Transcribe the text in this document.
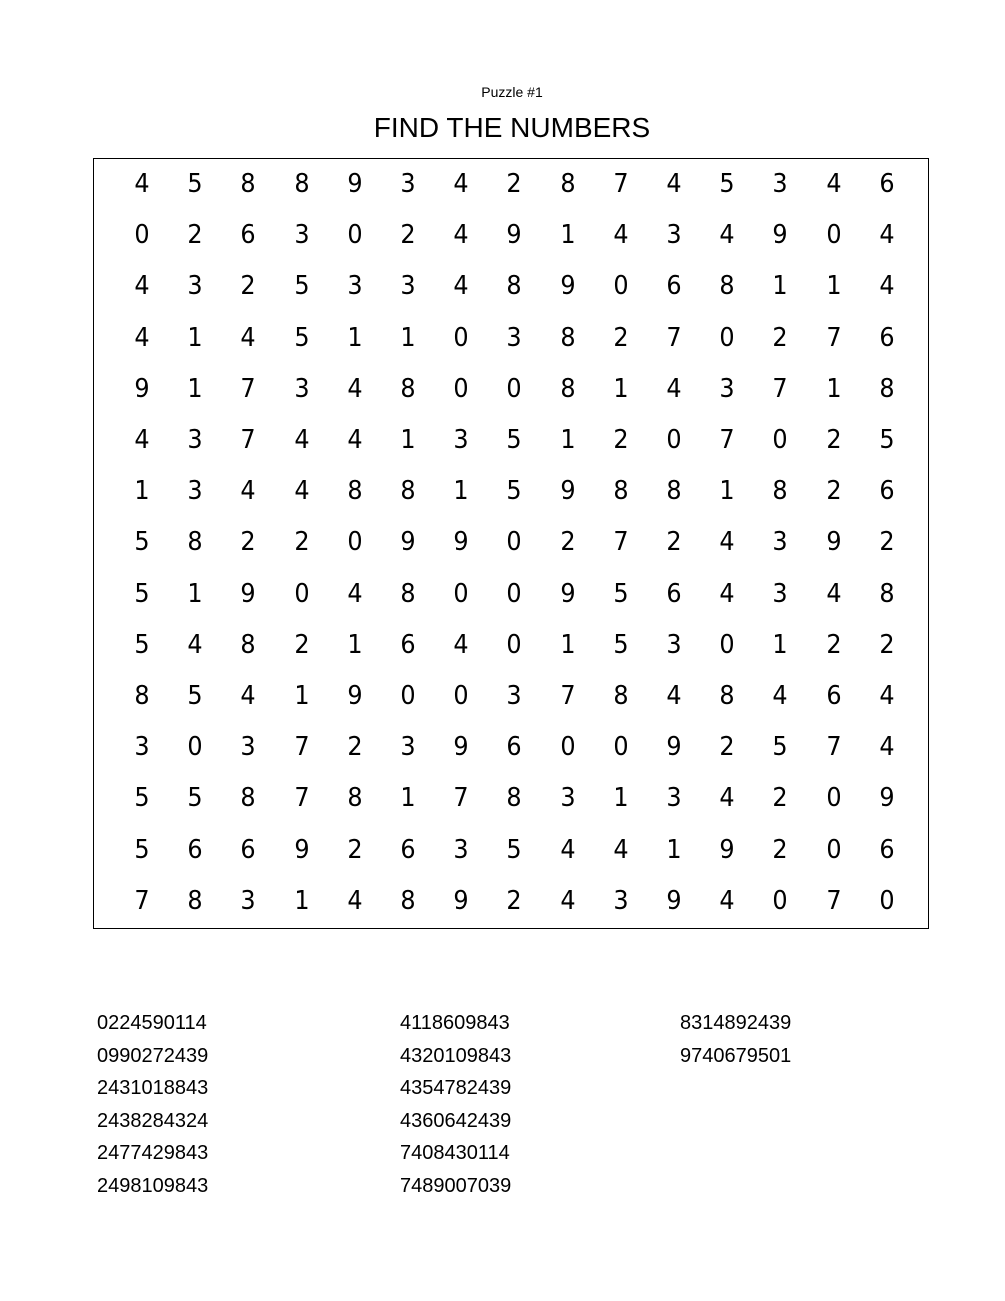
Puzzle #1
FIND THE NUMBERS
4	5	8	8	9	3	4	2	8	7	4	5	3	4	6
0	2	6	3	0	2	4	9	1	4	3	4	9	0	4
4	3	2	5	3	3	4	8	9	0	6	8	1	1	4
4	1	4	5	1	1	0	3	8	2	7	0	2	7	6
9	1	7	3	4	8	0	0	8	1	4	3	7	1	8
4	3	7	4	4	1	3	5	1	2	0	7	0	2	5
1	3	4	4	8	8	1	5	9	8	8	1	8	2	6
5	8	2	2	0	9	9	0	2	7	2	4	3	9	2
5	1	9	0	4	8	0	0	9	5	6	4	3	4	8
5	4	8	2	1	6	4	0	1	5	3	0	1	2	2
8	5	4	1	9	0	0	3	7	8	4	8	4	6	4
3	0	3	7	2	3	9	6	0	0	9	2	5	7	4
5	5	8	7	8	1	7	8	3	1	3	4	2	0	9
5	6	6	9	2	6	3	5	4	4	1	9	2	0	6
7	8	3	1	4	8	9	2	4	3	9	4	0	7	0
0224590114
0990272439
2431018843
2438284324
2477429843
2498109843
4118609843
4320109843
4354782439
4360642439
7408430114
7489007039
8314892439
9740679501
